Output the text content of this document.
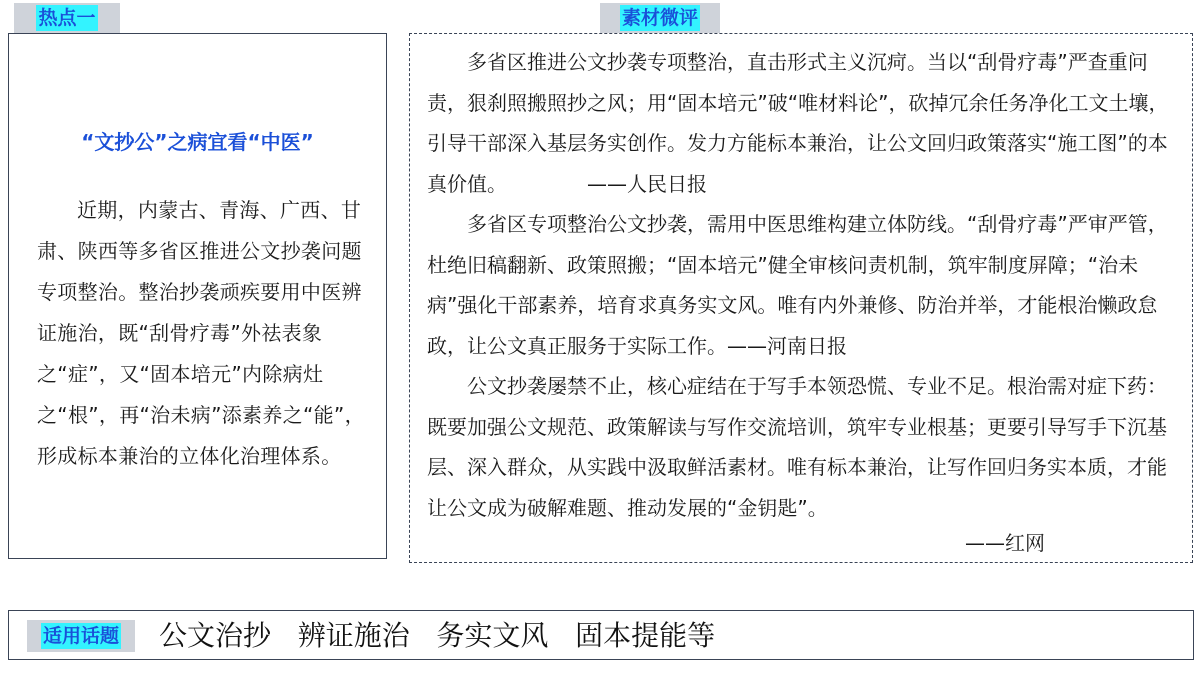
热点一	素材微评
“文抄公”之病宜看“中医”

近期，内蒙古、青海、广西、甘肃、陕西等多省区推进公文抄袭问题专项整治。整治抄袭顽疾要用中医辨证施治，既“刮骨疗毒”外祛表象之“症”，又“固本培元”内除病灶之“根”，再“治未病”添素养之“能”，形成标本兼治的立体化治理体系。

多省区推进公文抄袭专项整治，直击形式主义沉疴。当以“刮骨疗毒”严查重问责，狠刹照搬照抄之风；用“固本培元”破“唯材料论”，砍掉冗余任务净化工文土壤，引导干部深入基层务实创作。发力方能标本兼治，让公文回归政策落实“施工图”的本真价值。	——人民日报

多省区专项整治公文抄袭，需用中医思维构建立体防线。“刮骨疗毒”严审严管，杜绝旧稿翻新、政策照搬；“固本培元”健全审核问责机制，筑牢制度屏障；“治未病”强化干部素养，培育求真务实文风。唯有内外兼修、防治并举，才能根治懒政怠政，让公文真正服务于实际工作。——河南日报

公文抄袭屡禁不止，核心症结在于写手本领恐慌、专业不足。根治需对症下药：既要加强公文规范、政策解读与写作交流培训，筑牢专业根基；更要引导写手下沉基层、深入群众，从实践中汲取鲜活素材。唯有标本兼治，让写作回归务实本质，才能让公文成为破解难题、推动发展的“金钥匙”。

——红网
适用话题	公文治抄   辨证施治   务实文风   固本提能等
